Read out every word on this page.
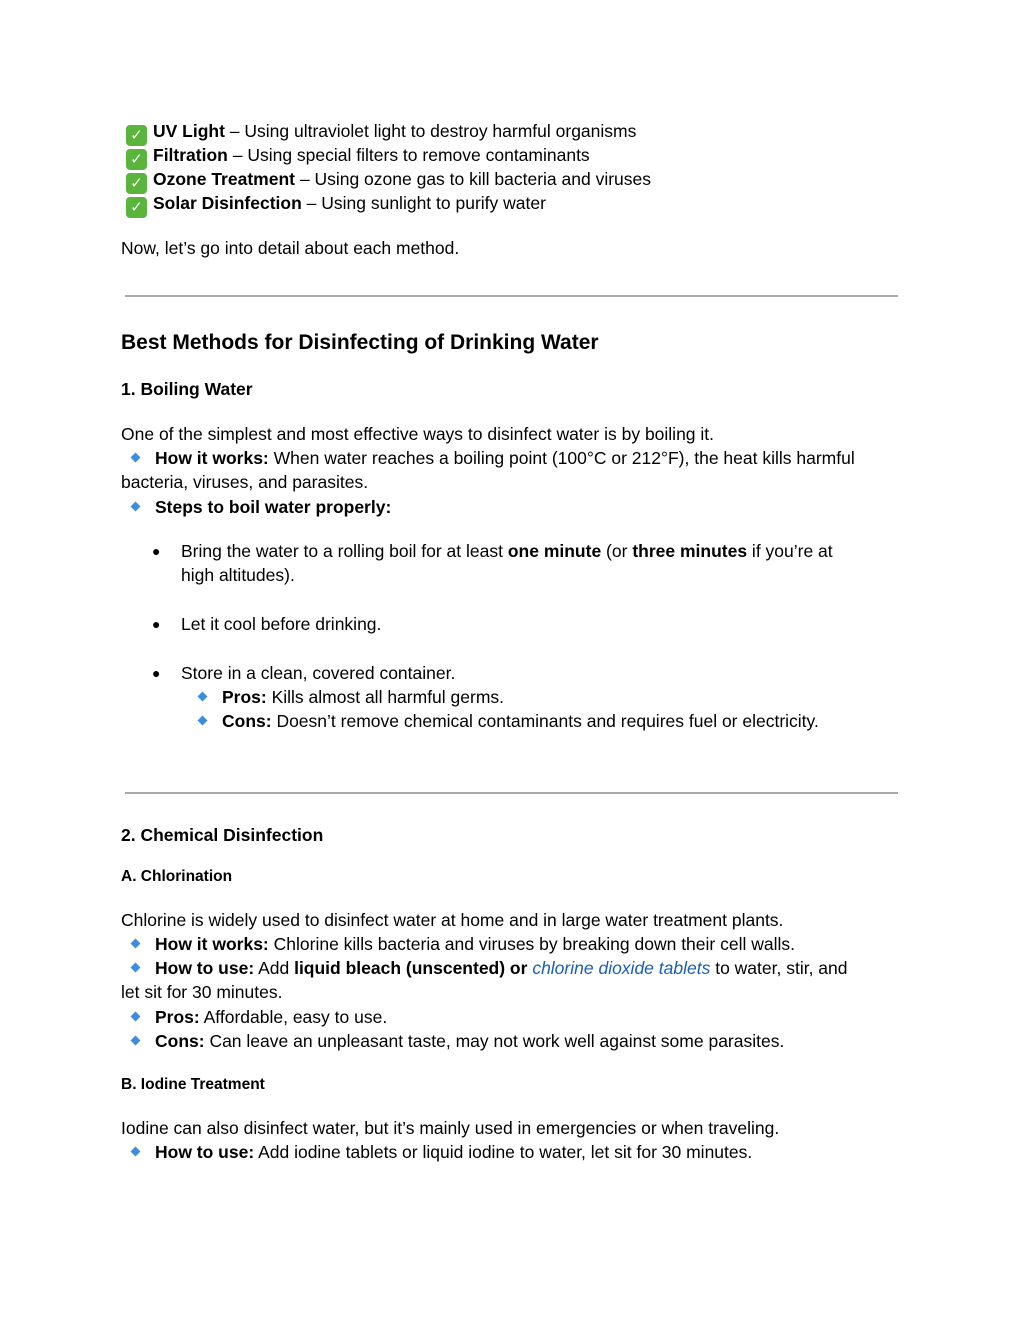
✓ UV Light – Using ultraviolet light to destroy harmful organisms
✓ Filtration – Using special filters to remove contaminants
✓ Ozone Treatment – Using ozone gas to kill bacteria and viruses
✓ Solar Disinfection – Using sunlight to purify water
Now, let’s go into detail about each method.
Best Methods for Disinfecting of Drinking Water
1. Boiling Water
One of the simplest and most effective ways to disinfect water is by boiling it.
How it works: When water reaches a boiling point (100°C or 212°F), the heat kills harmful
bacteria, viruses, and parasites.
Steps to boil water properly:
● Bring the water to a rolling boil for at least one minute (or three minutes if you’re at
high altitudes).
● Let it cool before drinking.
● Store in a clean, covered container.
Pros: Kills almost all harmful germs.
Cons: Doesn’t remove chemical contaminants and requires fuel or electricity.
2. Chemical Disinfection
A. Chlorination
Chlorine is widely used to disinfect water at home and in large water treatment plants.
How it works: Chlorine kills bacteria and viruses by breaking down their cell walls.
How to use: Add liquid bleach (unscented) or chlorine dioxide tablets to water, stir, and
let sit for 30 minutes.
Pros: Affordable, easy to use.
Cons: Can leave an unpleasant taste, may not work well against some parasites.
B. Iodine Treatment
Iodine can also disinfect water, but it’s mainly used in emergencies or when traveling.
How to use: Add iodine tablets or liquid iodine to water, let sit for 30 minutes.
